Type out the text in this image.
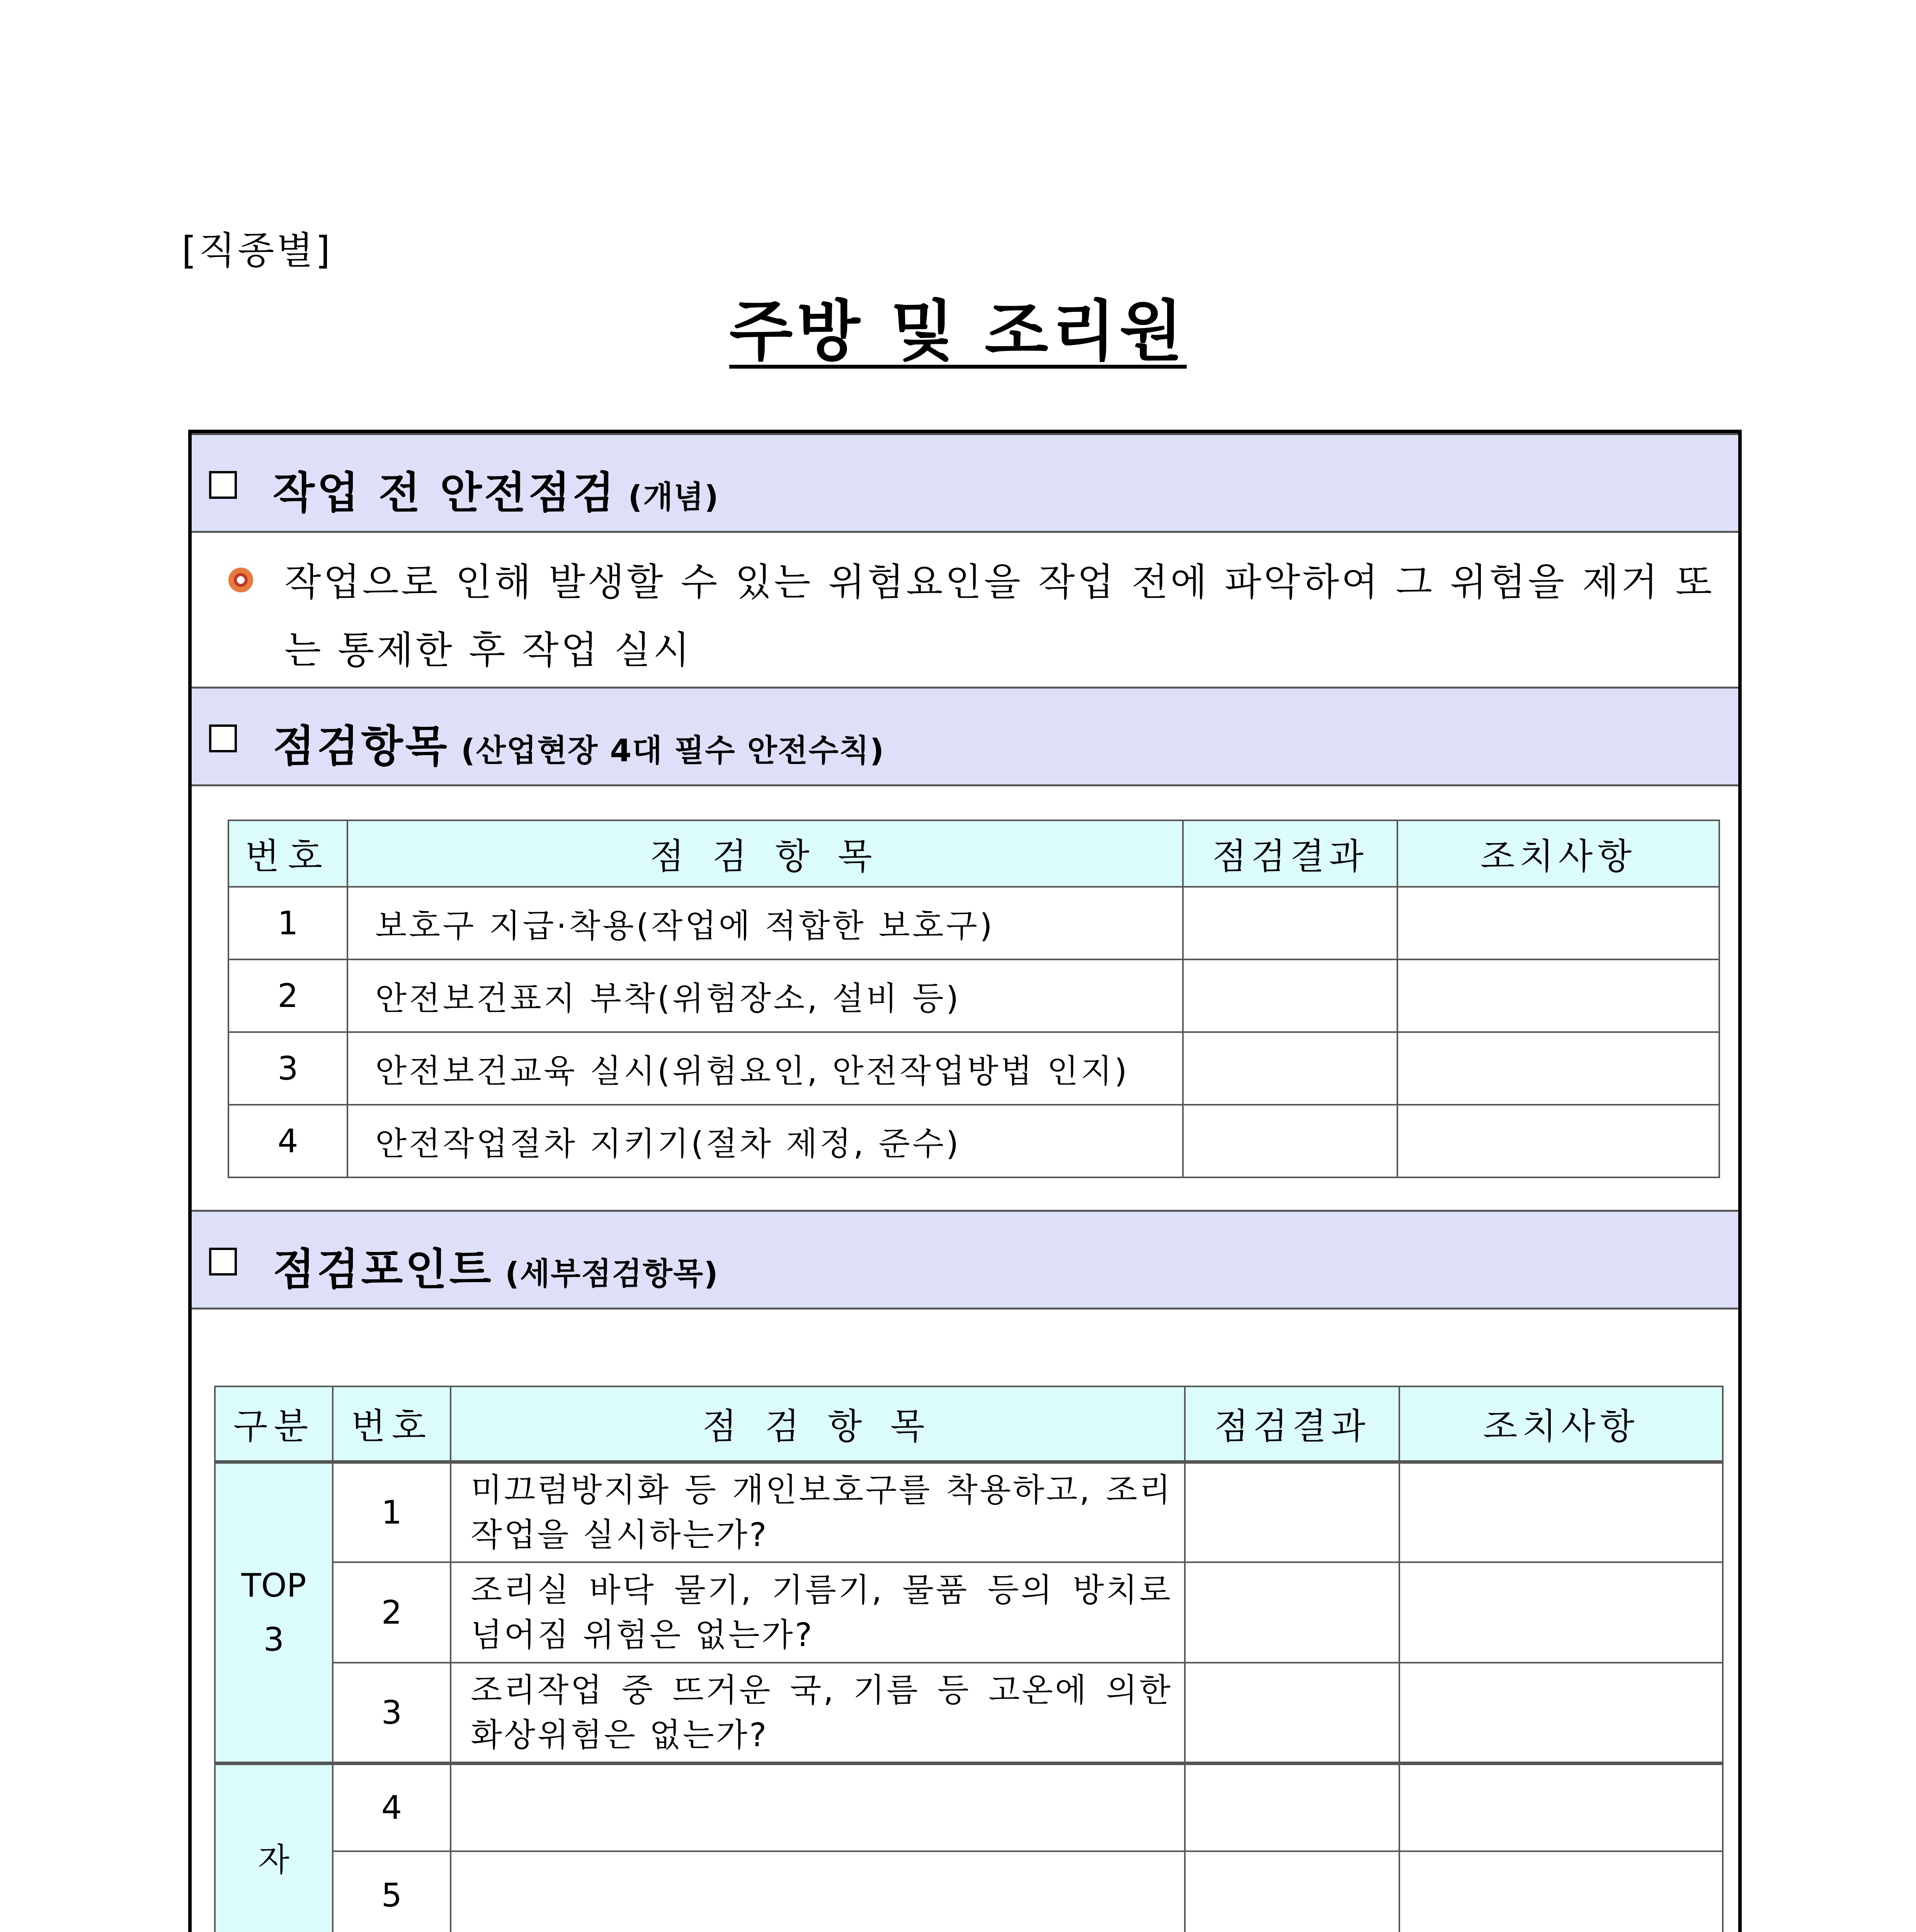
[직종별]
주방 및 조리원
작업 전 안전점검 (개념)
작업으로 인해 발생할 수 있는 위험요인을 작업 전에 파악하여 그 위험을 제거 또는 통제한 후 작업 실시
점검항목 (산업현장 4대 필수 안전수칙)
번호	점 검 항 목	점검결과	조치사항
1	보호구 지급·착용(작업에 적합한 보호구)		
2	안전보건표지 부착(위험장소, 설비 등)		
3	안전보건교육 실시(위험요인, 안전작업방법 인지)		
4	안전작업절차 지키기(절차 제정, 준수)		
점검포인트 (세부점검항목)
구분	번호	점 검 항 목	점검결과	조치사항
TOP 3	1	미끄럼방지화 등 개인보호구를 착용하고, 조리 작업을 실시하는가?		
	2	조리실 바닥 물기, 기름기, 물품 등의 방치로 넘어짐 위험은 없는가?		
	3	조리작업 중 뜨거운 국, 기름 등 고온에 의한 화상위험은 없는가?		
자	4			
	5			
